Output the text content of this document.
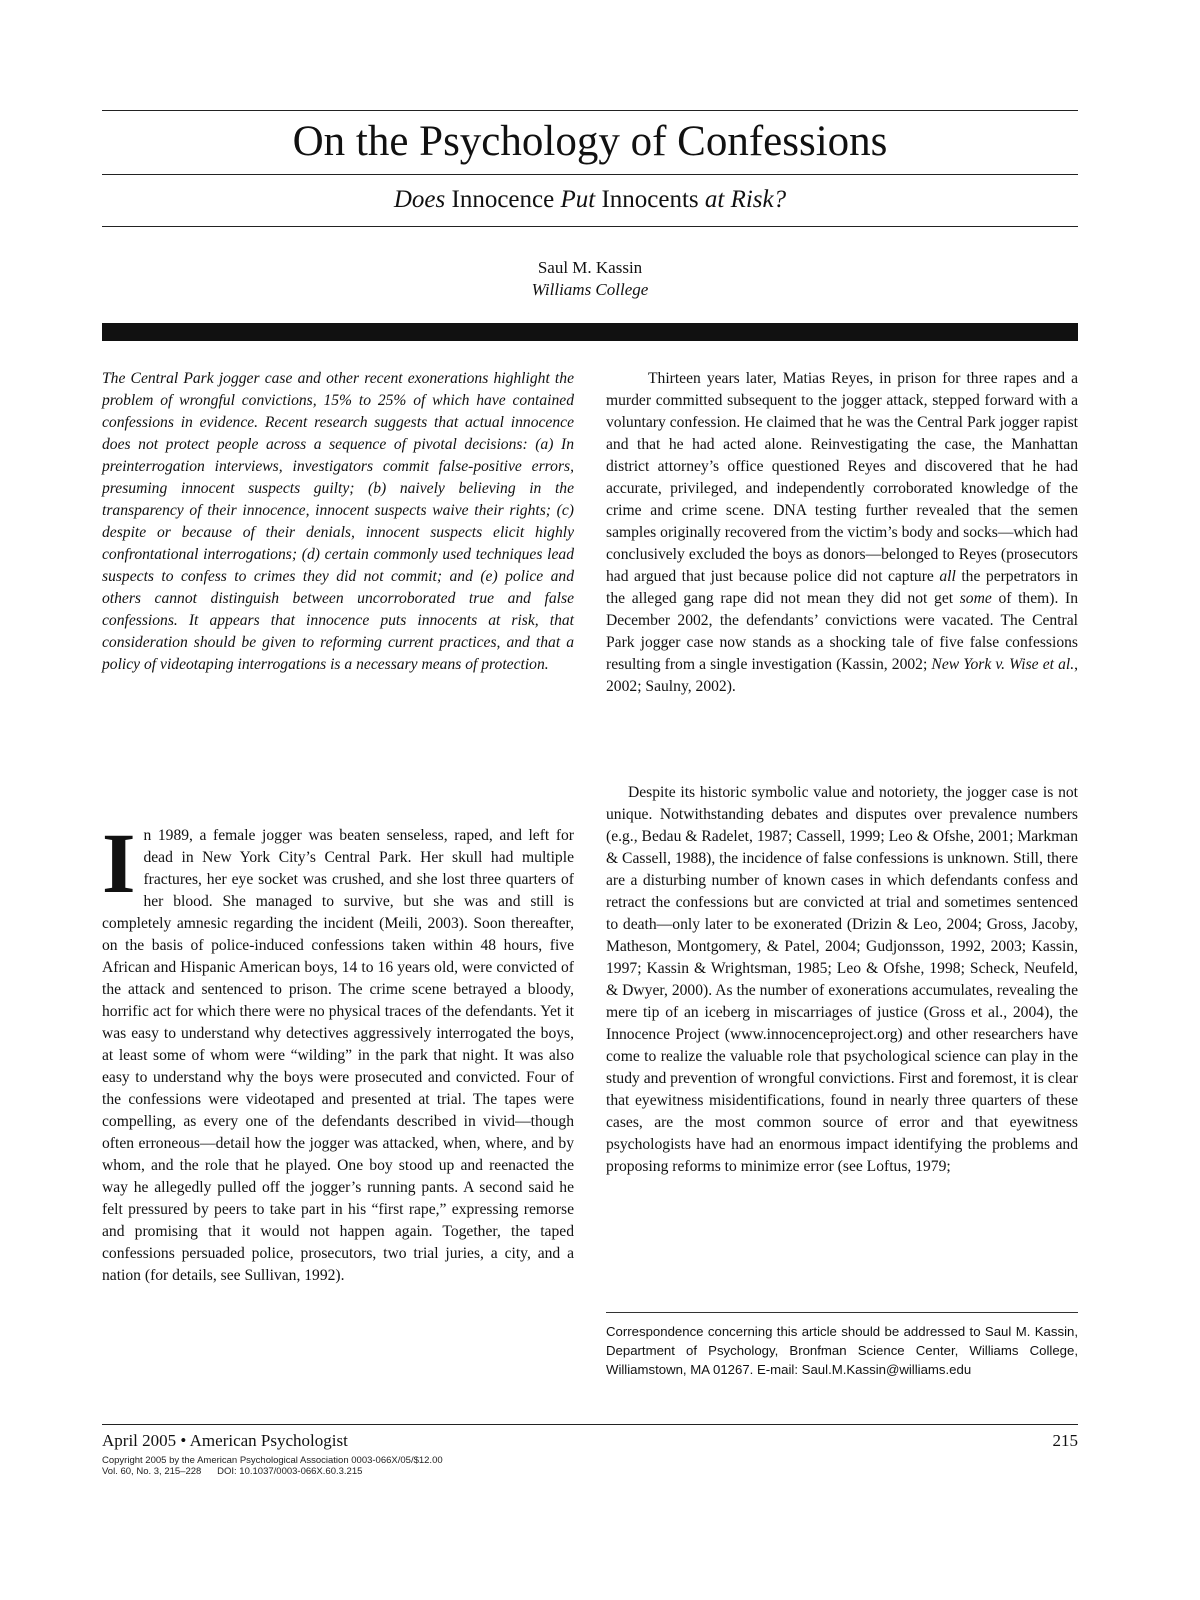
On the Psychology of Confessions
Does Innocence Put Innocents at Risk?
Saul M. Kassin
Williams College

The Central Park jogger case and other recent exonerations highlight the problem of wrongful convictions, 15% to 25% of which have contained confessions in evidence. Recent research suggests that actual innocence does not protect people across a sequence of pivotal decisions: (a) In preinterrogation interviews, investigators commit false-positive errors, presuming innocent suspects guilty; (b) naively believing in the transparency of their innocence, innocent suspects waive their rights; (c) despite or because of their denials, innocent suspects elicit highly confrontational interrogations; (d) certain commonly used techniques lead suspects to confess to crimes they did not commit; and (e) police and others cannot distinguish between uncorroborated true and false confessions. It appears that innocence puts innocents at risk, that consideration should be given to reforming current practices, and that a policy of videotaping interrogations is a necessary means of protection.

In 1989, a female jogger was beaten senseless, raped, and left for dead in New York City’s Central Park. Her skull had multiple fractures, her eye socket was crushed, and she lost three quarters of her blood. She managed to survive, but she was and still is completely amnesic regarding the incident (Meili, 2003). Soon thereafter, on the basis of police-induced confessions taken within 48 hours, five African and Hispanic American boys, 14 to 16 years old, were convicted of the attack and sentenced to prison. The crime scene betrayed a bloody, horrific act for which there were no physical traces of the defendants. Yet it was easy to understand why detectives aggressively interrogated the boys, at least some of whom were “wilding” in the park that night. It was also easy to understand why the boys were prosecuted and convicted. Four of the confessions were videotaped and presented at trial. The tapes were compelling, as every one of the defendants described in vivid—though often erroneous—detail how the jogger was attacked, when, where, and by whom, and the role that he played. One boy stood up and reenacted the way he allegedly pulled off the jogger’s running pants. A second said he felt pressured by peers to take part in his “first rape,” expressing remorse and promising that it would not happen again. Together, the taped confessions persuaded police, prosecutors, two trial juries, a city, and a nation (for details, see Sullivan, 1992).

Thirteen years later, Matias Reyes, in prison for three rapes and a murder committed subsequent to the jogger attack, stepped forward with a voluntary confession. He claimed that he was the Central Park jogger rapist and that he had acted alone. Reinvestigating the case, the Manhattan district attorney’s office questioned Reyes and discovered that he had accurate, privileged, and independently corroborated knowledge of the crime and crime scene. DNA testing further revealed that the semen samples originally recovered from the victim’s body and socks—which had conclusively excluded the boys as donors—belonged to Reyes (prosecutors had argued that just because police did not capture all the perpetrators in the alleged gang rape did not mean they did not get some of them). In December 2002, the defendants’ convictions were vacated. The Central Park jogger case now stands as a shocking tale of five false confessions resulting from a single investigation (Kassin, 2002; New York v. Wise et al., 2002; Saulny, 2002).

Despite its historic symbolic value and notoriety, the jogger case is not unique. Notwithstanding debates and disputes over prevalence numbers (e.g., Bedau & Radelet, 1987; Cassell, 1999; Leo & Ofshe, 2001; Markman & Cassell, 1988), the incidence of false confessions is unknown. Still, there are a disturbing number of known cases in which defendants confess and retract the confessions but are convicted at trial and sometimes sentenced to death—only later to be exonerated (Drizin & Leo, 2004; Gross, Jacoby, Matheson, Montgomery, & Patel, 2004; Gudjonsson, 1992, 2003; Kassin, 1997; Kassin & Wrightsman, 1985; Leo & Ofshe, 1998; Scheck, Neufeld, & Dwyer, 2000). As the number of exonerations accumulates, revealing the mere tip of an iceberg in miscarriages of justice (Gross et al., 2004), the Innocence Project (www.innocenceproject.org) and other researchers have come to realize the valuable role that psychological science can play in the study and prevention of wrongful convictions. First and foremost, it is clear that eyewitness misidentifications, found in nearly three quarters of these cases, are the most common source of error and that eyewitness psychologists have had an enormous impact identifying the problems and proposing reforms to minimize error (see Loftus, 1979;

Correspondence concerning this article should be addressed to Saul M. Kassin, Department of Psychology, Bronfman Science Center, Williams College, Williamstown, MA 01267. E-mail: Saul.M.Kassin@williams.edu

April 2005 • American Psychologist	215
Copyright 2005 by the American Psychological Association 0003-066X/05/$12.00
Vol. 60, No. 3, 215–228      DOI: 10.1037/0003-066X.60.3.215
